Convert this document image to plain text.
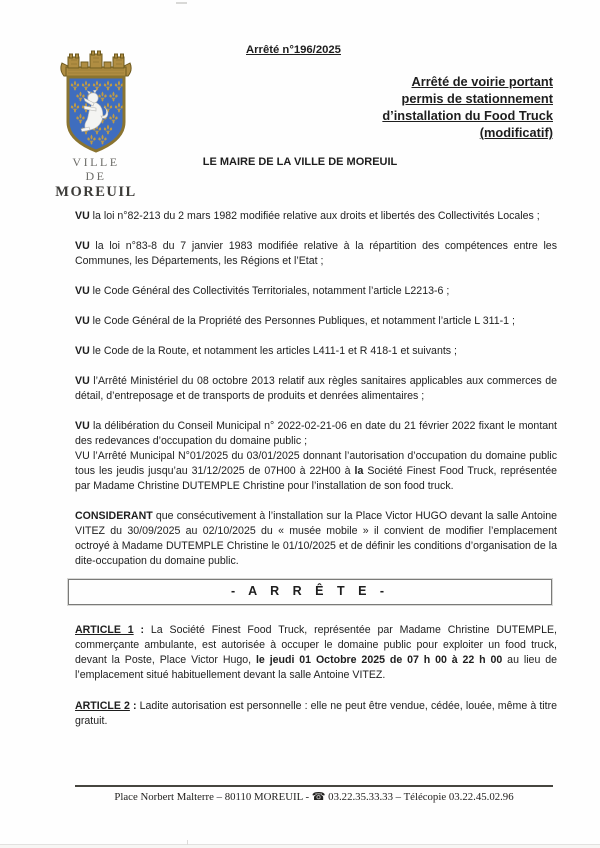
VILLE
DE
MOREUIL
Arrêté n°196/2025
Arrêté de voirie portant
permis de stationnement
d’installation du Food Truck
(modificatif)
LE MAIRE DE LA VILLE DE MOREUIL

VU la loi n°82-213 du 2 mars 1982 modifiée relative aux droits et libertés des Collectivités Locales ;

VU la loi n°83-8 du 7 janvier 1983 modifiée relative à la répartition des compétences entre les Communes, les Départements, les Régions et l’Etat ;

VU le Code Général des Collectivités Territoriales, notamment l’article L2213-6 ;

VU le Code Général de la Propriété des Personnes Publiques, et notamment l’article L 311-1 ;

VU le Code de la Route, et notamment les articles L411-1 et R 418-1 et suivants ;

VU l’Arrêté Ministériel du 08 octobre 2013 relatif aux règles sanitaires applicables aux commerces de détail, d’entreposage et de transports de produits et denrées alimentaires ;

VU la délibération du Conseil Municipal n° 2022-02-21-06 en date du 21 février 2022 fixant le montant des redevances d’occupation du domaine public ;

VU l’Arrêté Municipal N°01/2025 du 03/01/2025 donnant l’autorisation d’occupation du domaine public tous les jeudis jusqu’au 31/12/2025 de 07H00 à 22H00 à la Société Finest Food Truck, représentée par Madame Christine DUTEMPLE Christine pour l’installation de son food truck.

CONSIDERANT que consécutivement à l’installation sur la Place Victor HUGO devant la salle Antoine VITEZ du 30/09/2025 au 02/10/2025 du « musée mobile » il convient de modifier l’emplacement octroyé à Madame DUTEMPLE Christine le 01/10/2025 et de définir les conditions d’organisation de la dite-occupation du domaine public.

- A R R Ê T E -

ARTICLE 1 : La Société Finest Food Truck, représentée par Madame Christine DUTEMPLE, commerçante ambulante, est autorisée à occuper le domaine public pour exploiter un food truck, devant la Poste, Place Victor Hugo, le jeudi 01 Octobre 2025 de 07 h 00 à 22 h 00 au lieu de l’emplacement situé habituellement devant la salle Antoine VITEZ.

ARTICLE 2 : Ladite autorisation est personnelle : elle ne peut être vendue, cédée, louée, même à titre gratuit.

Place Norbert Malterre – 80110 MOREUIL - ☎ 03.22.35.33.33 – Télécopie 03.22.45.02.96
